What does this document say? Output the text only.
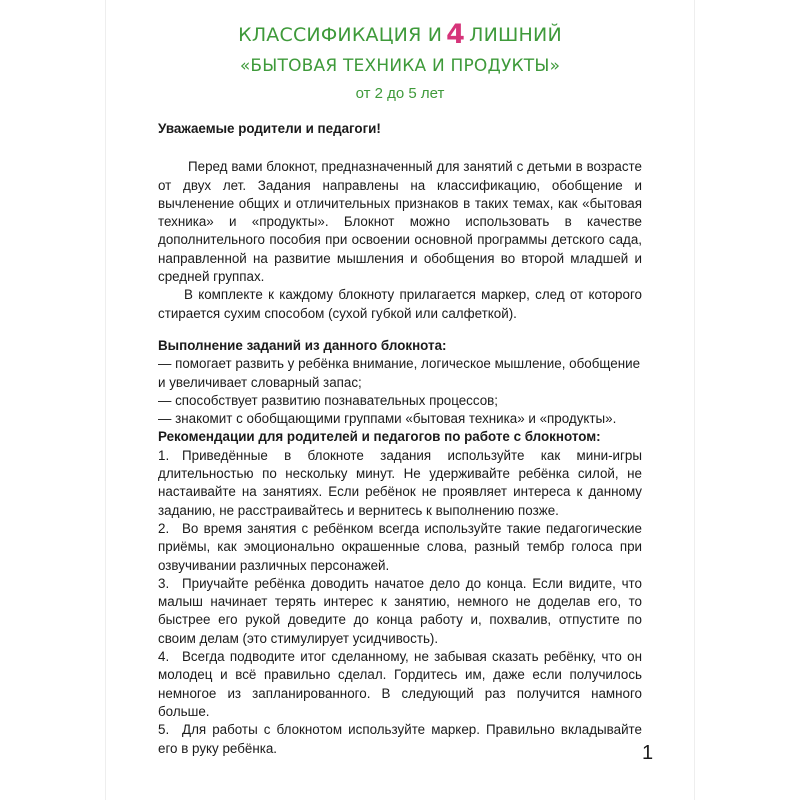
КЛАССИФИКАЦИЯ И 4 ЛИШНИЙ
«БЫТОВАЯ ТЕХНИКА И ПРОДУКТЫ»
от 2 до 5 лет

Уважаемые родители и педагоги!

Перед вами блокнот, предназначенный для занятий с детьми в возрасте от двух лет. Задания направлены на классификацию, обобщение и вычленение общих и отличительных признаков в таких темах, как «бытовая техника» и «продукты». Блокнот можно использовать в качестве дополнительного пособия при освоении основной программы детского сада, направленной на развитие мышления и обобщения во второй младшей и средней группах.

В комплекте к каждому блокноту прилагается маркер, след от которого стирается сухим способом (сухой губкой или салфеткой).

Выполнение заданий из данного блокнота:

— помогает развить у ребёнка внимание, логическое мышление, обобщение и увеличивает словарный запас;

— способствует развитию познавательных процессов;

— знакомит с обобщающими группами «бытовая техника» и «продукты».

Рекомендации для родителей и педагогов по работе с блокнотом:

1. Приведённые в блокноте задания используйте как мини-игры длительностью по нескольку минут. Не удерживайте ребёнка силой, не настаивайте на занятиях. Если ребёнок не проявляет интереса к данному заданию, не расстраивайтесь и вернитесь к выполнению позже.

2. Во время занятия с ребёнком всегда используйте такие педагогические приёмы, как эмоционально окрашенные слова, разный тембр голоса при озвучивании различных персонажей.

3. Приучайте ребёнка доводить начатое дело до конца. Если видите, что малыш начинает терять интерес к занятию, немного не доделав его, то быстрее его рукой доведите до конца работу и, похвалив, отпустите по своим делам (это стимулирует усидчивость).

4. Всегда подводите итог сделанному, не забывая сказать ребёнку, что он молодец и всё правильно сделал. Гордитесь им, даже если получилось немногое из запланированного. В следующий раз получится намного больше.

5. Для работы с блокнотом используйте маркер. Правильно вкладывайте его в руку ребёнка.	1
